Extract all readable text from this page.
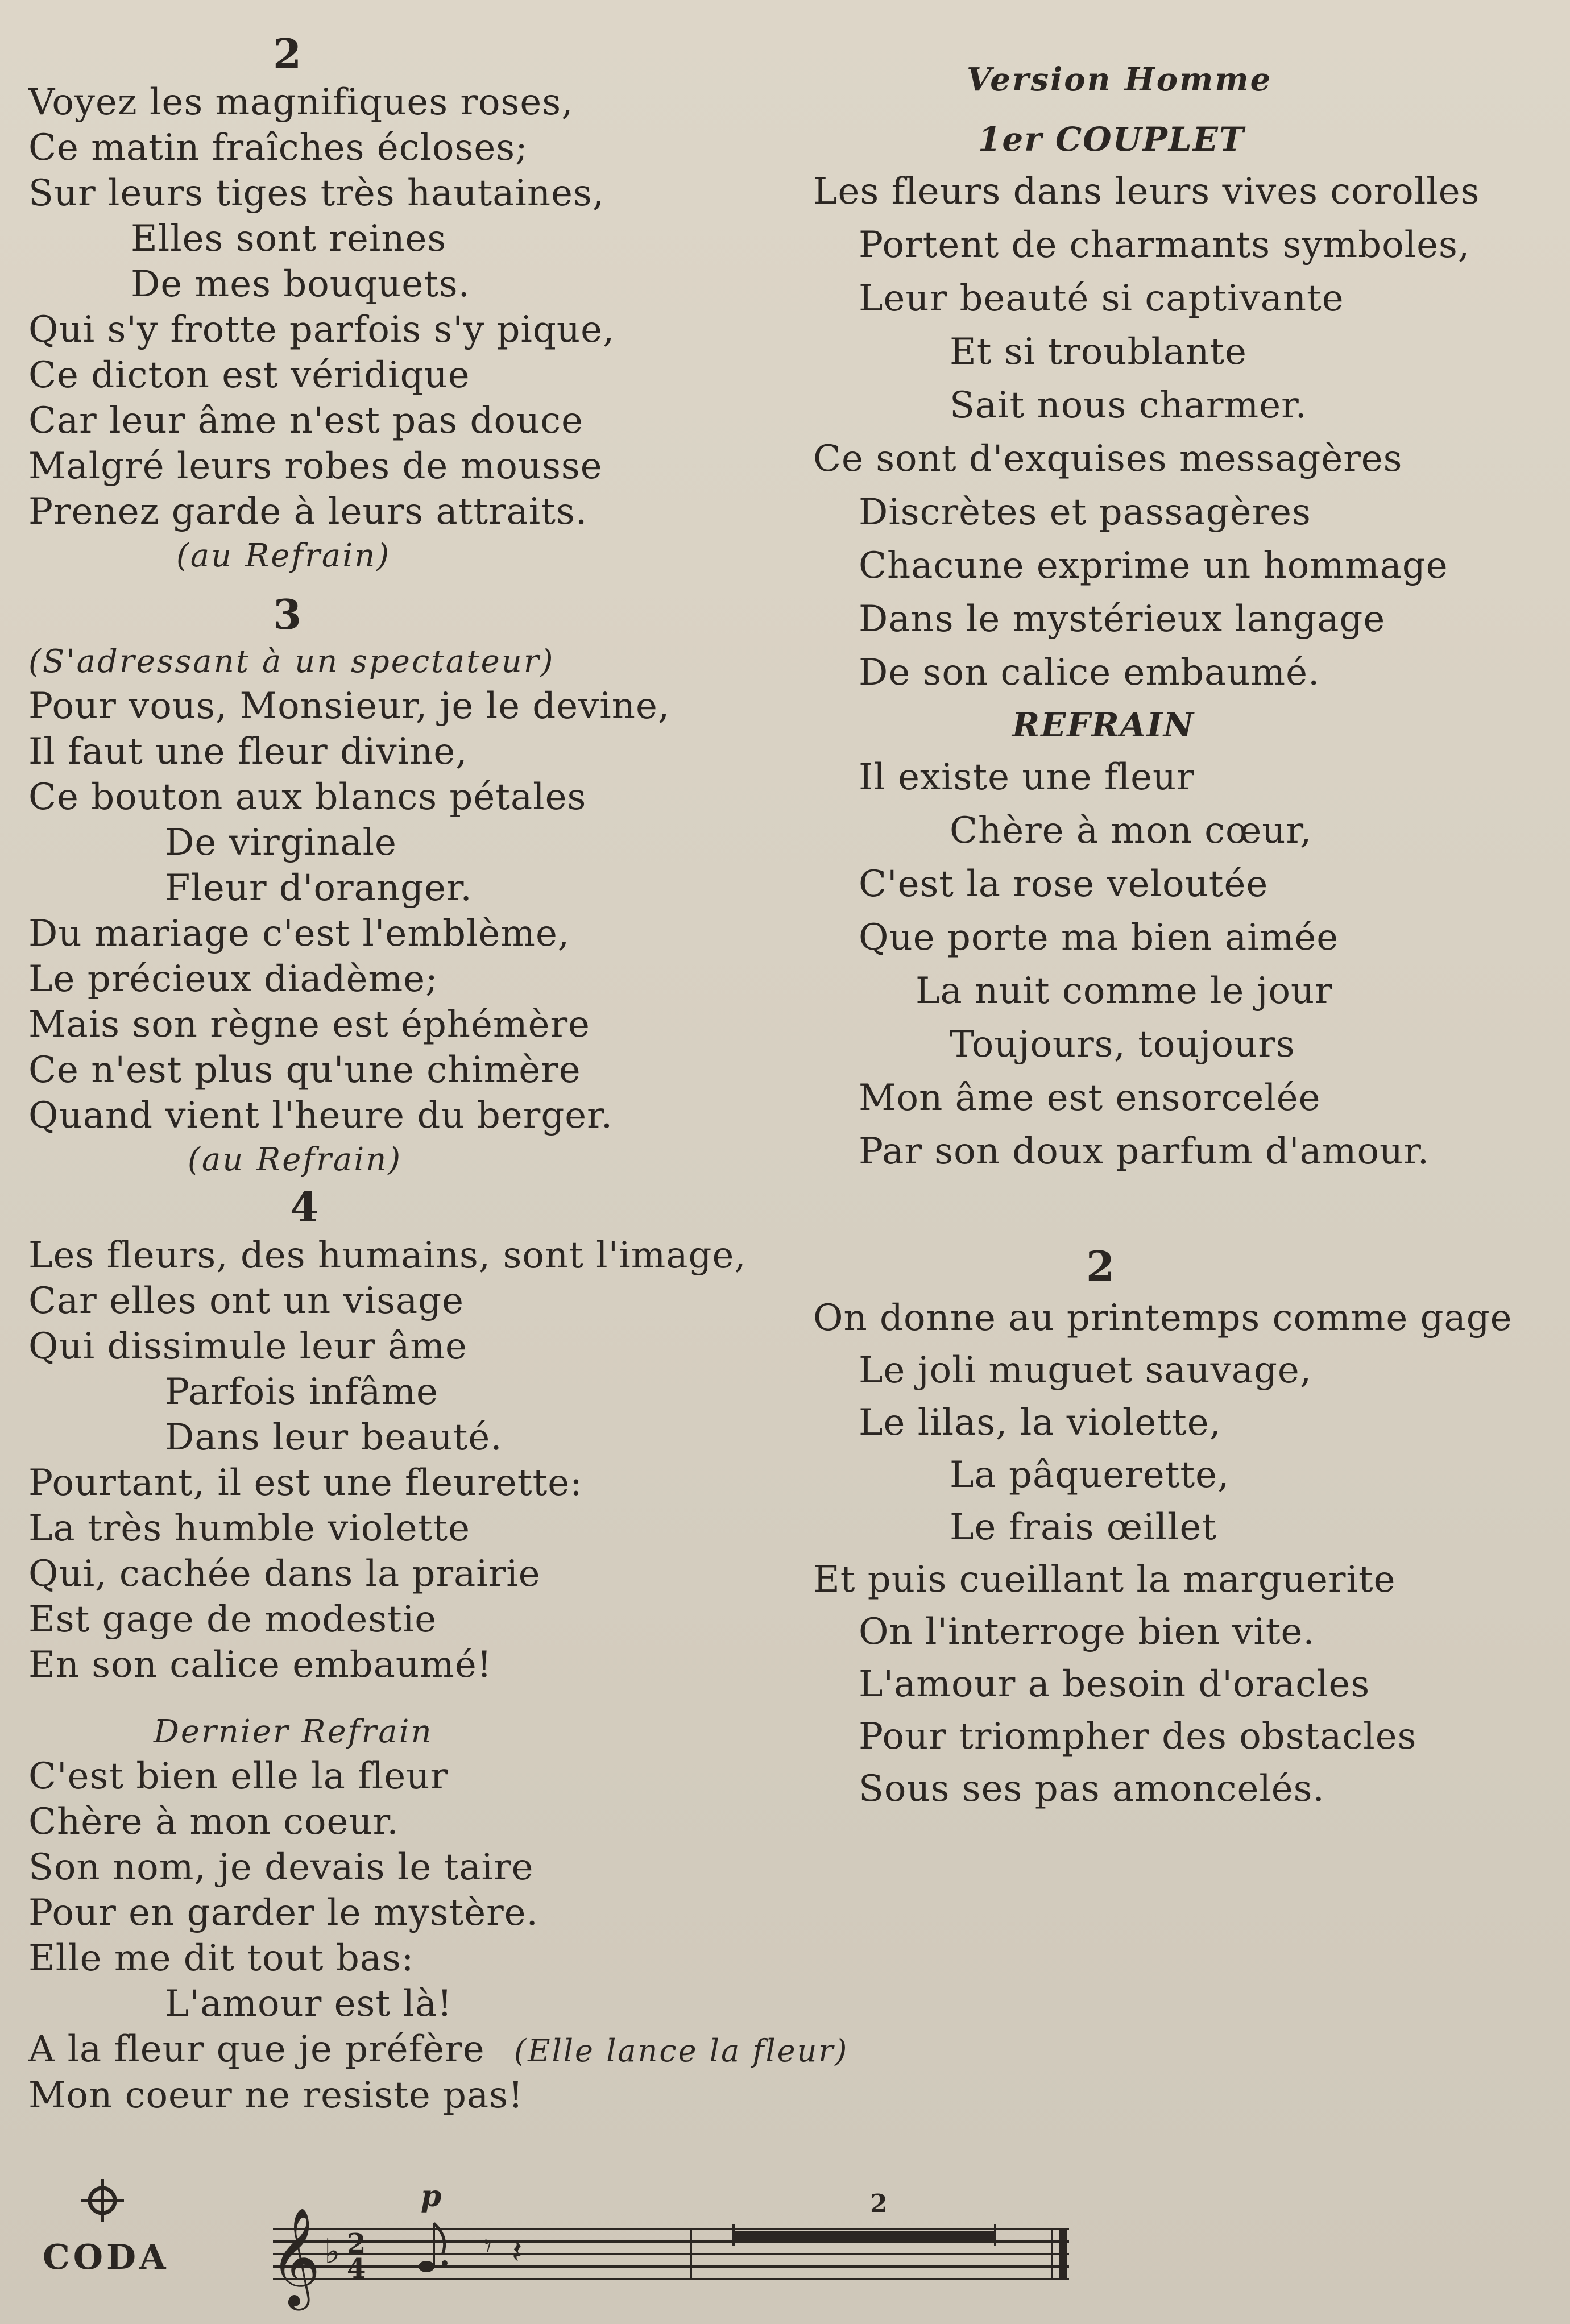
2
Voyez les magnifiques roses,
Ce matin fraîches écloses;
Sur leurs tiges très hautaines,
Elles sont reines
De mes bouquets.
Qui s'y frotte parfois s'y pique,
Ce dicton est véridique
Car leur âme n'est pas douce
Malgré leurs robes de mousse
Prenez garde à leurs attraits.
(au Refrain)
3
(S'adressant à un spectateur)
Pour vous, Monsieur, je le devine,
Il faut une fleur divine,
Ce bouton aux blancs pétales
De virginale
Fleur d'oranger.
Du mariage c'est l'emblème,
Le précieux diadème;
Mais son règne est éphémère
Ce n'est plus qu'une chimère
Quand vient l'heure du berger.
(au Refrain)
4
Les fleurs, des humains, sont l'image,
Car elles ont un visage
Qui dissimule leur âme
Parfois infâme
Dans leur beauté.
Pourtant, il est une fleurette:
La très humble violette
Qui, cachée dans la prairie
Est gage de modestie
En son calice embaumé!
Dernier Refrain
C'est bien elle la fleur
Chère à mon coeur.
Son nom, je devais le taire
Pour en garder le mystère.
Elle me dit tout bas:
L'amour est là!
A la fleur que je préfère (Elle lance la fleur)
Mon coeur ne resiste pas!
Version Homme
1er COUPLET
Les fleurs dans leurs vives corolles
Portent de charmants symboles,
Leur beauté si captivante
Et si troublante
Sait nous charmer.
Ce sont d'exquises messagères
Discrètes et passagères
Chacune exprime un hommage
Dans le mystérieux langage
De son calice embaumé.
REFRAIN
Il existe une fleur
Chère à mon cœur,
C'est la rose veloutée
Que porte ma bien aimée
La nuit comme le jour
Toujours, toujours
Mon âme est ensorcelée
Par son doux parfum d'amour.
2
On donne au printemps comme gage
Le joli muguet sauvage,
Le lilas, la violette,
La pâquerette,
Le frais œillet
Et puis cueillant la marguerite
On l'interroge bien vite.
L'amour a besoin d'oracles
Pour triompher des obstacles
Sous ses pas amoncelés.
CODA 𝄞 ♭ 2
4
p
𝄾 𝄽
2
